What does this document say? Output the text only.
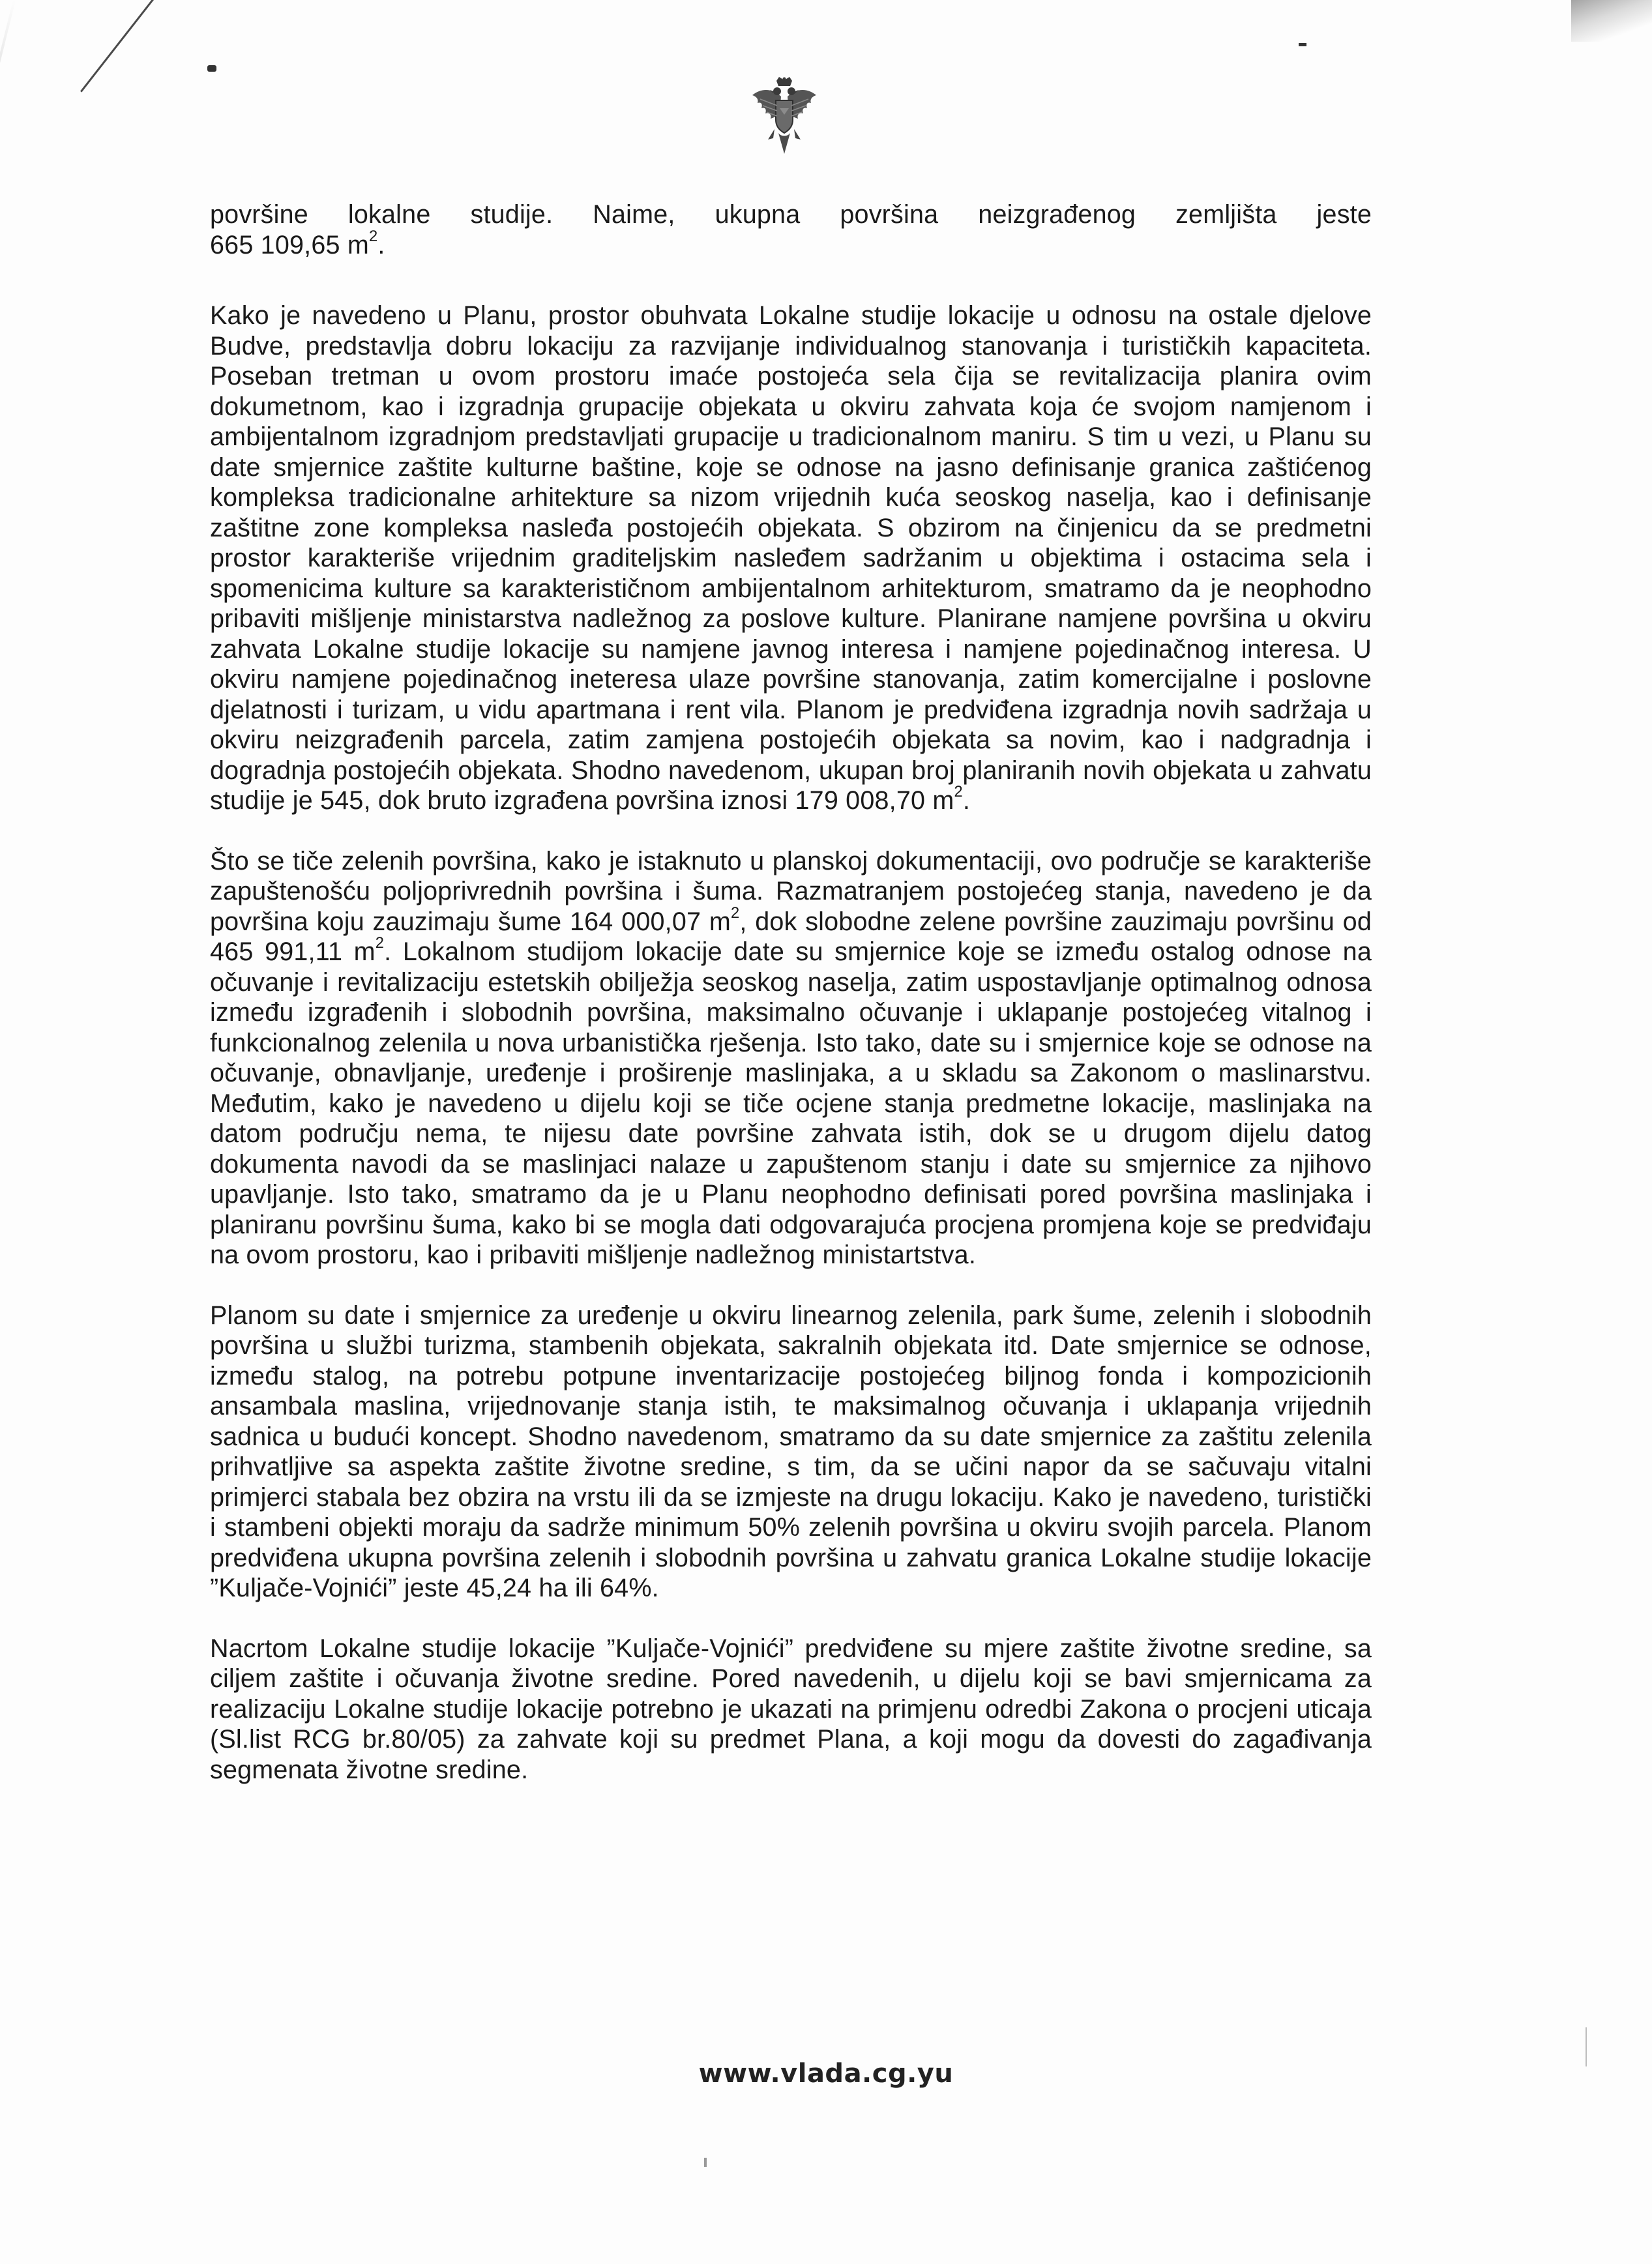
površine lokalne studije. Naime, ukupna površina neizgrađenog zemljišta jeste

665 109,65 $m^2$.

Kako je navedeno u Planu, prostor obuhvata Lokalne studije lokacije u odnosu na ostale djelove Budve, predstavlja dobru lokaciju za razvijanje individualnog stanovanja i turističkih kapaciteta. Poseban tretman u ovom prostoru imaće postojeća sela čija se revitalizacija planira ovim dokumetnom, kao i izgradnja grupacije objekata u okviru zahvata koja će svojom namjenom i ambijentalnom izgradnjom predstavljati grupacije u tradicionalnom maniru. S tim u vezi, u Planu su date smjernice zaštite kulturne baštine, koje se odnose na jasno definisanje granica zaštićenog kompleksa tradicionalne arhitekture sa nizom vrijednih kuća seoskog naselja, kao i definisanje zaštitne zone kompleksa nasleđa postojećih objekata. S obzirom na činjenicu da se predmetni prostor karakteriše vrijednim graditeljskim nasleđem sadržanim u objektima i ostacima sela i spomenicima kulture sa karakterističnom ambijentalnom arhitekturom, smatramo da je neophodno pribaviti mišljenje ministarstva nadležnog za poslove kulture. Planirane namjene površina u okviru zahvata Lokalne studije lokacije su namjene javnog interesa i namjene pojedinačnog interesa. U okviru namjene pojedinačnog ineteresa ulaze površine stanovanja, zatim komercijalne i poslovne djelatnosti i turizam, u vidu apartmana i rent vila. Planom je predviđena izgradnja novih sadržaja u okviru neizgrađenih parcela, zatim zamjena postojećih objekata sa novim, kao i nadgradnja i dogradnja postojećih objekata. Shodno navedenom, ukupan broj planiranih novih objekata u zahvatu studije je 545, dok bruto izgrađena površina iznosi 179 008,70 $m^2$.

Što se tiče zelenih površina, kako je istaknuto u planskoj dokumentaciji, ovo područje se karakteriše zapuštenošću poljoprivrednih površina i šuma. Razmatranjem postojećeg stanja, navedeno je da površina koju zauzimaju šume 164 000,07 $m^2$, dok slobodne zelene površine zauzimaju površinu od 465 991,11 $m^2$. Lokalnom studijom lokacije date su smjernice koje se između ostalog odnose na očuvanje i revitalizaciju estetskih obilježja seoskog naselja, zatim uspostavljanje optimalnog odnosa između izgrađenih i slobodnih površina, maksimalno očuvanje i uklapanje postojećeg vitalnog i funkcionalnog zelenila u nova urbanistička rješenja. Isto tako, date su i smjernice koje se odnose na očuvanje, obnavljanje, uređenje i proširenje maslinjaka, a u skladu sa Zakonom o maslinarstvu. Međutim, kako je navedeno u dijelu koji se tiče ocjene stanja predmetne lokacije, maslinjaka na datom području nema, te nijesu date površine zahvata istih, dok se u drugom dijelu datog dokumenta navodi da se maslinjaci nalaze u zapuštenom stanju i date su smjernice za njihovo upavljanje. Isto tako, smatramo da je u Planu neophodno definisati pored površina maslinjaka i planiranu površinu šuma, kako bi se mogla dati odgovarajuća procjena promjena koje se predviđaju na ovom prostoru, kao i pribaviti mišljenje nadležnog ministartstva.

Planom su date i smjernice za uređenje u okviru linearnog zelenila, park šume, zelenih i slobodnih površina u službi turizma, stambenih objekata, sakralnih objekata itd. Date smjernice se odnose, između stalog, na potrebu potpune inventarizacije postojećeg biljnog fonda i kompozicionih ansambala maslina, vrijednovanje stanja istih, te maksimalnog očuvanja i uklapanja vrijednih sadnica u budući koncept. Shodno navedenom, smatramo da su date smjernice za zaštitu zelenila prihvatljive sa aspekta zaštite životne sredine, s tim, da se učini napor da se sačuvaju vitalni primjerci stabala bez obzira na vrstu ili da se izmjeste na drugu lokaciju. Kako je navedeno, turistički i stambeni objekti moraju da sadrže minimum 50% zelenih površina u okviru svojih parcela. Planom predviđena ukupna površina zelenih i slobodnih površina u zahvatu granica Lokalne studije lokacije ”Kuljače-Vojnići” jeste 45,24 ha ili 64%.

Nacrtom Lokalne studije lokacije ”Kuljače-Vojnići” predviđene su mjere zaštite životne sredine, sa ciljem zaštite i očuvanja životne sredine. Pored navedenih, u dijelu koji se bavi smjernicama za realizaciju Lokalne studije lokacije potrebno je ukazati na primjenu odredbi Zakona o procjeni uticaja (Sl.list RCG br.80/05) za zahvate koji su predmet Plana, a koji mogu da dovesti do zagađivanja segmenata životne sredine.

www.vlada.cg.yu
